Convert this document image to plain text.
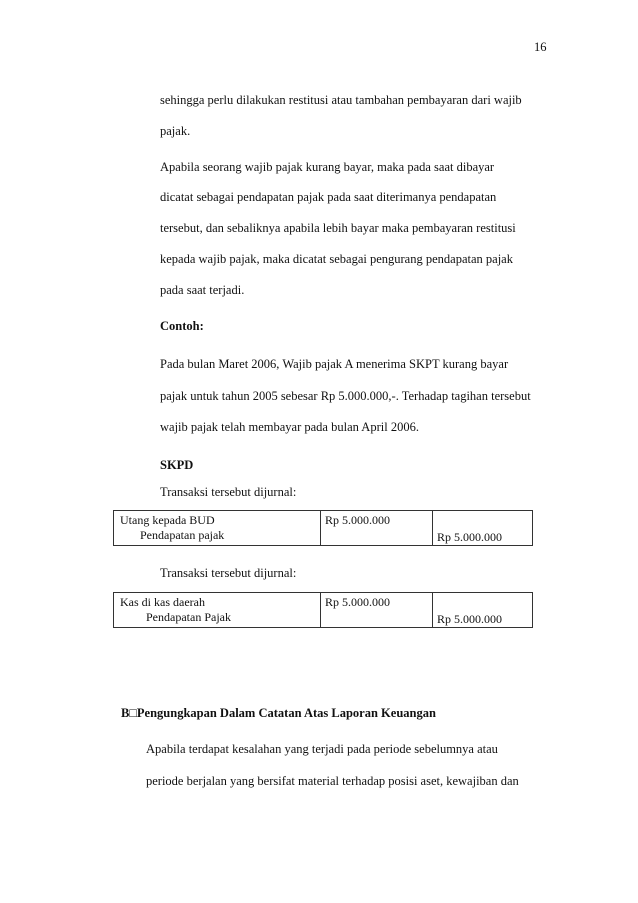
16
sehingga perlu dilakukan restitusi atau tambahan pembayaran dari wajib
pajak.
Apabila seorang wajib pajak kurang bayar, maka pada saat dibayar
dicatat sebagai pendapatan pajak pada saat diterimanya pendapatan
tersebut, dan sebaliknya apabila lebih bayar maka pembayaran restitusi
kepada wajib pajak, maka dicatat sebagai pengurang pendapatan pajak
pada saat terjadi.
Contoh:
Pada bulan Maret 2006, Wajib pajak A menerima SKPT kurang bayar
pajak untuk tahun 2005 sebesar Rp 5.000.000,-. Terhadap tagihan tersebut
wajib pajak telah membayar pada bulan April 2006.
SKPD
Transaksi tersebut dijurnal:
Utang kepada BUD
Pendapatan pajak
Rp 5.000.000
Rp 5.000.000
Transaksi tersebut dijurnal:
Kas di kas daerah
Pendapatan Pajak
Rp 5.000.000
Rp 5.000.000
B□Pengungkapan Dalam Catatan Atas Laporan Keuangan
Apabila terdapat kesalahan yang terjadi pada periode sebelumnya atau
periode berjalan yang bersifat material terhadap posisi aset, kewajiban dan
